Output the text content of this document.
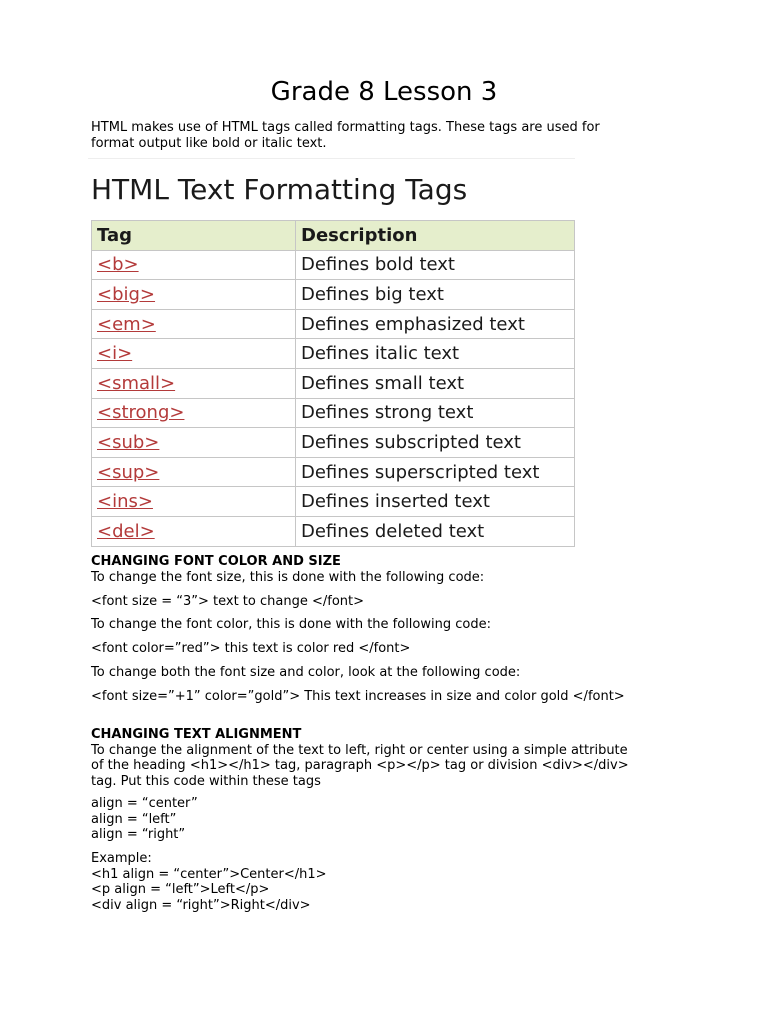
Grade 8 Lesson 3

HTML makes use of HTML tags called formatting tags. These tags are used for
format output like bold or italic text.

HTML Text Formatting Tags
Tag	Description
<b>	Defines bold text
<big>	Defines big text
<em>	Defines emphasized text
<i>	Defines italic text
<small>	Defines small text
<strong>	Defines strong text
<sub>	Defines subscripted text
<sup>	Defines superscripted text
<ins>	Defines inserted text
<del>	Defines deleted text

CHANGING FONT COLOR AND SIZE
To change the font size, this is done with the following code:

<font size = “3”> text to change </font>

To change the font color, this is done with the following code:

<font color=”red”> this text is color red </font>

To change both the font size and color, look at the following code:

<font size=”+1” color=”gold”> This text increases in size and color gold </font>

CHANGING TEXT ALIGNMENT
To change the alignment of the text to left, right or center using a simple attribute
of the heading <h1></h1> tag, paragraph <p></p> tag or division <div></div>
tag. Put this code within these tags

align = “center”
align = “left”
align = “right”

Example:
<h1 align = “center”>Center</h1>
<p align = “left”>Left</p>
<div align = “right”>Right</div>
